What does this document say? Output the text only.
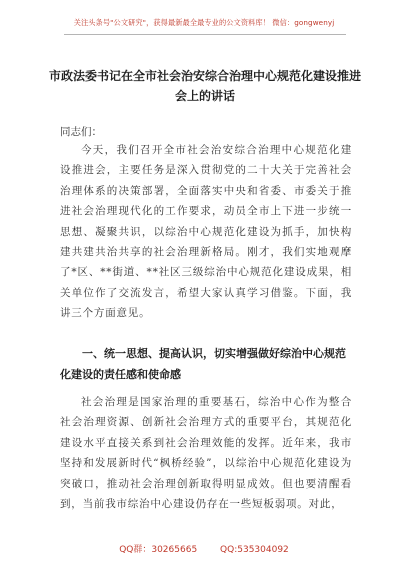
关注头条号"公文研究"，获得最新最全最专业的公文资料库！ 微信：gongwenyj
市政法委书记在全市社会治安综合治理中心规范化建设推进会上的讲话
同志们：
今天，我们召开全市社会治安综合治理中心规范化建设推进会，主要任务是深入贯彻党的二十大关于完善社会治理体系的决策部署，全面落实中央和省委、市委关于推进社会治理现代化的工作要求，动员全市上下进一步统一思想、凝聚共识，以综治中心规范化建设为抓手，加快构建共建共治共享的社会治理新格局。刚才，我们实地观摩了*区、**街道、**社区三级综治中心规范化建设成果，相关单位作了交流发言，希望大家认真学习借鉴。下面，我讲三个方面意见。
一、统一思想、提高认识，切实增强做好综治中心规范化建设的责任感和使命感
社会治理是国家治理的重要基石，综治中心作为整合社会治理资源、创新社会治理方式的重要平台，其规范化建设水平直接关系到社会治理效能的发挥。近年来，我市坚持和发展新时代“枫桥经验”，以综治中心规范化建设为突破口，推动社会治理创新取得明显成效。但也要清醒看到，当前我市综治中心建设仍存在一些短板弱项。对此，
QQ群：30265665	QQ:535304092
